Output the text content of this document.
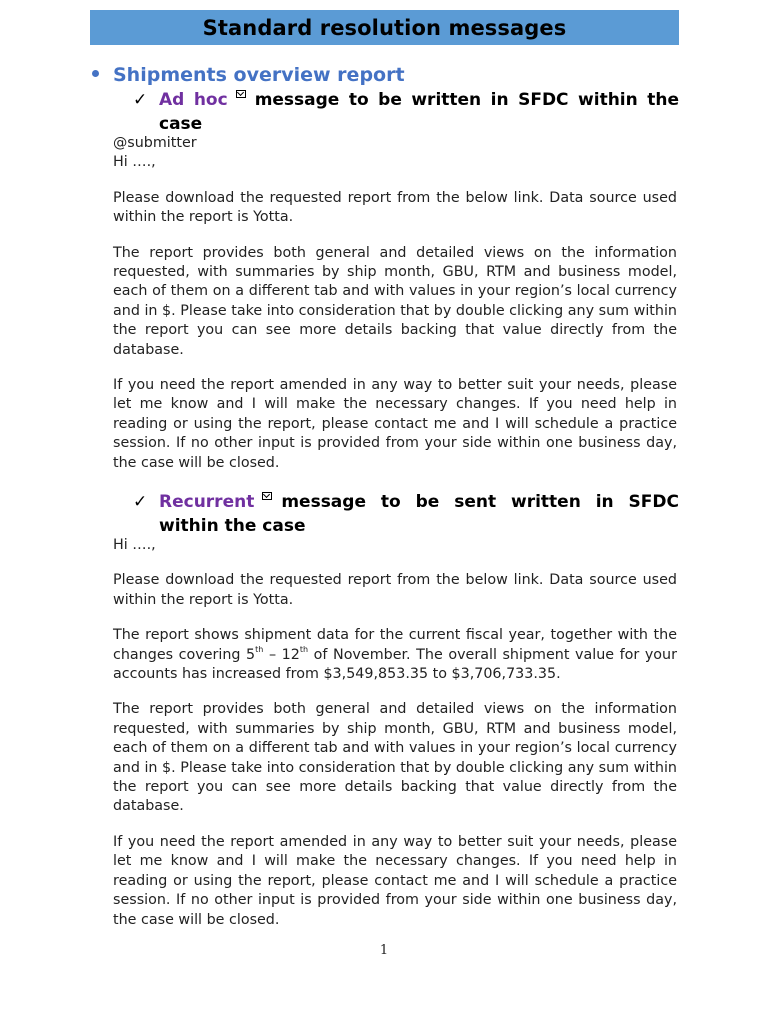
Standard resolution messages
Shipments overview report
✓ Ad hoc message to be written in SFDC within the case

@submitter

Hi ….,

Please download the requested report from the below link. Data source used within the report is Yotta.

The report provides both general and detailed views on the information requested, with summaries by ship month, GBU, RTM and business model, each of them on a different tab and with values in your region’s local currency and in $. Please take into consideration that by double clicking any sum within the report you can see more details backing that value directly from the database.

If you need the report amended in any way to better suit your needs, please let me know and I will make the necessary changes. If you need help in reading or using the report, please contact me and I will schedule a practice session. If no other input is provided from your side within one business day, the case will be closed.

✓ Recurrent message to be sent written in SFDC within the case

Hi ….,

Please download the requested report from the below link. Data source used within the report is Yotta.

The report shows shipment data for the current fiscal year, together with the changes covering 5th – 12th of November. The overall shipment value for your accounts has increased from $3,549,853.35 to $3,706,733.35.

The report provides both general and detailed views on the information requested, with summaries by ship month, GBU, RTM and business model, each of them on a different tab and with values in your region’s local currency and in $. Please take into consideration that by double clicking any sum within the report you can see more details backing that value directly from the database.

If you need the report amended in any way to better suit your needs, please let me know and I will make the necessary changes. If you need help in reading or using the report, please contact me and I will schedule a practice session. If no other input is provided from your side within one business day, the case will be closed.

1
